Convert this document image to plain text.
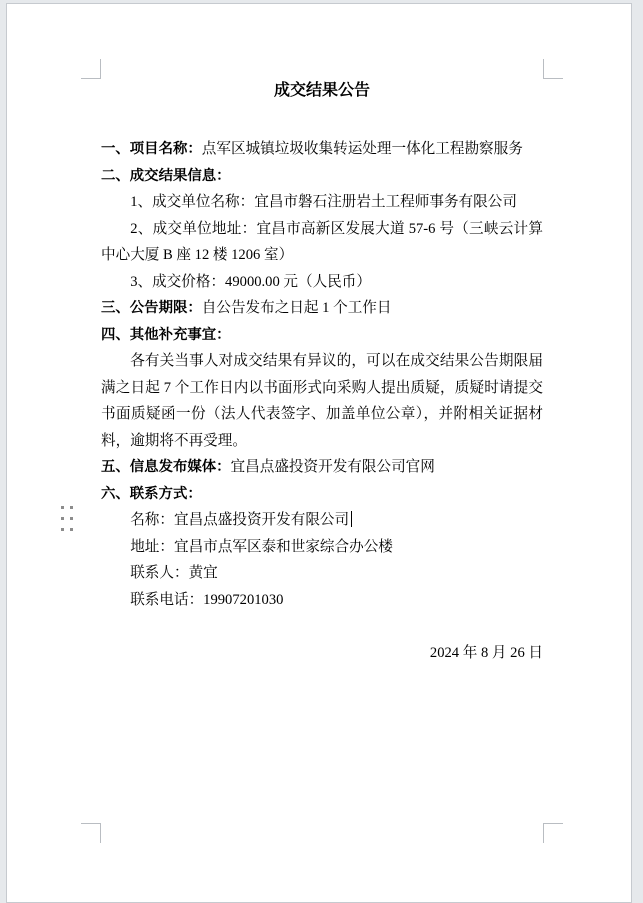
成交结果公告

一、项目名称：点军区城镇垃圾收集转运处理一体化工程勘察服务

二、成交结果信息：

1、成交单位名称：宜昌市磐石注册岩土工程师事务有限公司

2、成交单位地址：宜昌市高新区发展大道 57-6 号（三峡云计算中心大厦 B 座 12 楼 1206 室）

3、成交价格：49000.00 元（人民币）

三、公告期限：自公告发布之日起 1 个工作日

四、其他补充事宜：

各有关当事人对成交结果有异议的，可以在成交结果公告期限届满之日起 7 个工作日内以书面形式向采购人提出质疑，质疑时请提交书面质疑函一份（法人代表签字、加盖单位公章），并附相关证据材料，逾期将不再受理。

五、信息发布媒体：宜昌点盛投资开发有限公司官网

六、联系方式：

名称：宜昌点盛投资开发有限公司

地址：宜昌市点军区泰和世家综合办公楼

联系人：黄宜

联系电话：19907201030

2024 年 8 月 26 日
